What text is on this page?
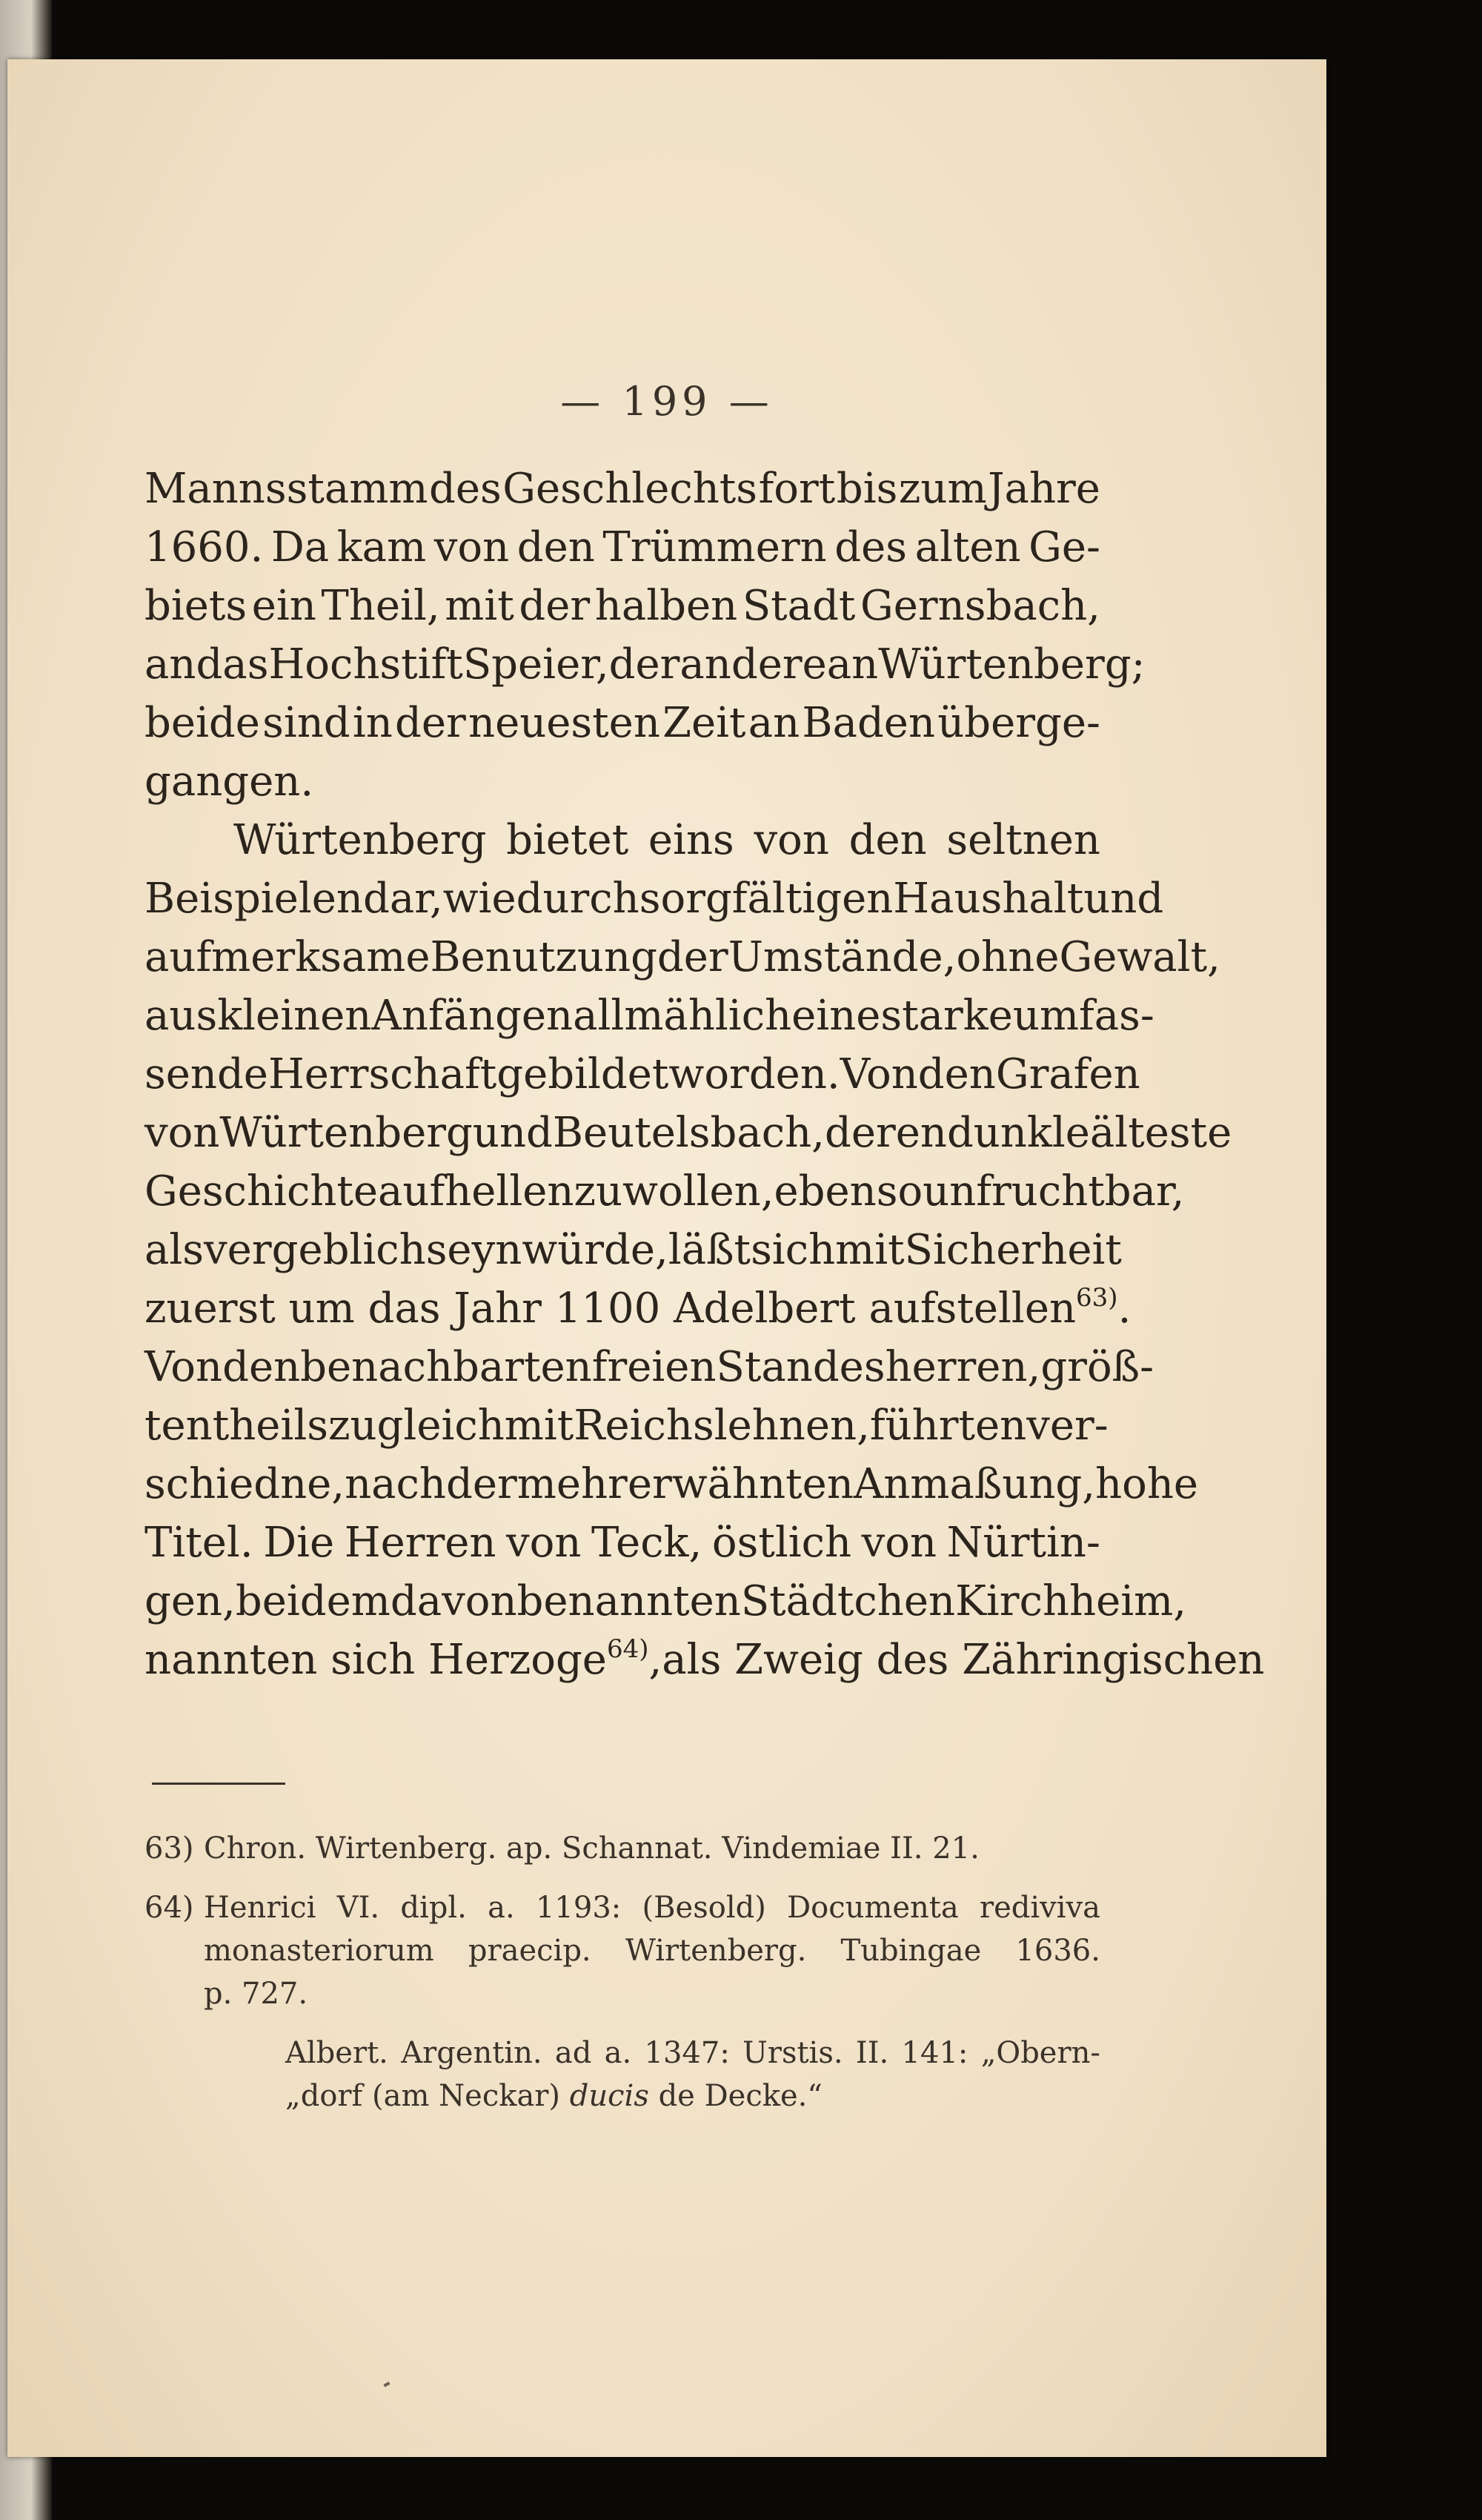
— 199 —
Mannsstamm des Geschlechts fort bis zum Jahre
1660. Da kam von den Trümmern des alten Ge-
biets ein Theil, mit der halben Stadt Gernsbach,
an das Hochstift Speier, der andere an Würtenberg;
beide sind in der neuesten Zeit an Baden überge-
gangen.
Würtenberg bietet eins von den seltnen
Beispielen dar, wie durch sorgfältigen Haushalt und
aufmerksame Benutzung der Umstände, ohne Gewalt,
aus kleinen Anfängen allmählich eine starke umfas-
sende Herrschaft gebildet worden. Von den Grafen
von Würtenberg und Beutelsbach, deren dunkle älteste
Geschichte aufhellen zu wollen, eben so unfruchtbar,
als vergeblich seyn würde, läßt sich mit Sicherheit
zuerst um das Jahr 1100 Adelbert aufstellen $^{63)}$.
Von den benachbarten freien Standesherren, größ-
tentheils zugleich mit Reichslehnen, führten ver-
schiedne, nach der mehr erwähnten Anmaßung, hohe
Titel. Die Herren von Teck, östlich von Nürtin-
gen, bei dem davon benannten Städtchen Kirchheim,
nannten sich Herzoge$^{64)}$, als Zweig des Zähringischen
63) Chron. Wirtenberg. ap. Schannat. Vindemiae II. 21.
64) Henrici VI. dipl. a. 1193: (Besold) Documenta rediviva
monasteriorum praecip. Wirtenberg. Tubingae 1636.
p. 727.
Albert. Argentin. ad a. 1347: Urstis. II. 141: „Obern-
„dorf (am Neckar)
ducis
de Decke.“
